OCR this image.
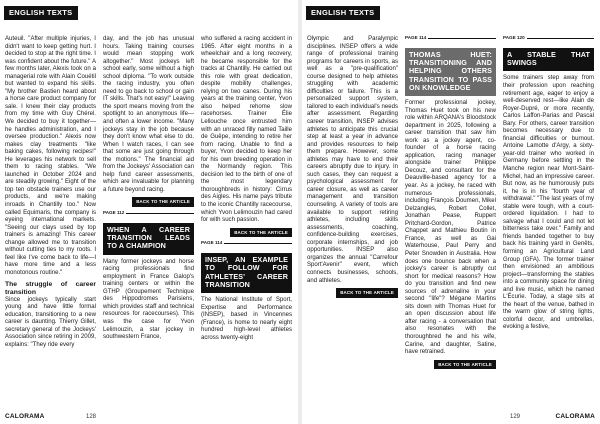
ENGLISH TEXTS

Auteuil. "After multiple injuries, I didn't want to keep getting hurt. I decided to stop at the right time. I was confident about the future." A few months later, Alexis took on a managerial role with Alain Couétil but wanted to expand his skills. "My brother Bastien heard about a horse care product company for sale. I knew their clay products from my time with Guy Chérel. We decided to buy it together—he handles administration, and I oversee production." Alexis now makes clay treatments "like baking cakes, following recipes!" He leverages his network to sell them to racing stables. "We launched in October 2024 and are steadily growing." Eight of the top ten obstacle trainers use our products, and we're making inroads in Chantilly too." Now called Equimaris, the company is eyeing international markets. "Seeing our clays used by top trainers is amazing! This career change allowed me to transition without cutting ties to my roots. I feel like I've come back to life—I have more time and a less monotonous routine."

The struggle of career transition

Since jockeys typically start young and have little formal education, transitioning to a new career is daunting. Thierry Gillet, secretary general of the Jockeys' Association since retiring in 2009, explains: "They ride every

day, and the job has unusual hours. Taking training courses would mean stopping work altogether." Most jockeys left school early, some without a high school diploma. "To work outside the racing industry, you often need to go back to school or gain IT skills. That's not easy!" Leaving the sport means moving from the spotlight to an anonymous life—and often a lower income. "Many jockeys stay in the job because they don't know what else to do. When I watch races, I can see that some are just going through the motions." The financial aid from the Jockeys' Association can help fund career assessments, which are invaluable for planning a future beyond racing.

BACK TO THE ARTICLE
PAGE 112
WHEN A CAREER TRANSITION LEADS TO A CHAMPION

Many former jockeys and horse racing professionals find employment in France Galop's training centers or within the GTHP (Groupement Technique des Hippodromes Parisiens, which provides staff and technical resources for racecourses). This was the case for Yvon Lelimouzin, a star jockey in southwestern France,

who suffered a racing accident in 1965. After eight months in a wheelchair and a long recovery, he became responsible for the tracks at Chantilly. He carried out this role with great dedication, despite mobility challenges, relying on two canes. During his years at the training center, Yvon also helped rehome slow racehorses. Trainer Élie Lellouche once entrusted him with an unraced filly named Taille de Guêpe, intending to retire her from racing. Unable to find a buyer, Yvon decided to keep her for his own breeding operation in the Normandy region. This decision led to the birth of one of the most legendary thoroughbreds in history: Cirrus des Aigles. His name pays tribute to the iconic Chantilly racecourse, which Yvon Lelimouzin had cared for with such passion.

BACK TO THE ARTICLE
PAGE 114
INSEP, AN EXAMPLE TO FOLLOW FOR ATHLETES' CAREER TRANSITION

The National Institute of Sport, Expertise and Performance (INSEP), based in Vincennes (France), is home to nearly eight hundred high-level athletes across twenty-eight

CALORAMA	128
ENGLISH TEXTS

Olympic and Paralympic disciplines. INSEP offers a wide range of professional training programs for careers in sports, as well as a "pre-qualification" course designed to help athletes struggling with academic difficulties or failure. This is a personalized support system, tailored to each individual's needs after assessment. Regarding career transition, INSEP advises athletes to anticipate this crucial step at least a year in advance and provides resources to help them prepare. However, some athletes may have to end their careers abruptly due to injury. In such cases, they can request a psychological assessment for career closure, as well as career management and transition counseling. A variety of tools are available to support retiring athletes, including skills assessments, coaching, confidence-building exercises, corporate internships, and job opportunities. INSEP also organizes the annual "Carrefour Sport'Avenir" event, which connects businesses, schools, and athletes.

BACK TO THE ARTICLE
PAGE 114
THOMAS HUET: TRANSITIONING AND HELPING OTHERS TRANSITION TO PASS ON KNOWLEDGE

Former professional jockey, Thomas Huet took on his new role within ARQANA's Bloodstock department in 2025, following a career transition that saw him work as a jockey agent, co-founder of a horse racing application, racing manager alongside trainer Philippe Decouz, and consultant for the Deauville-based agency for a year. As a jockey, he raced with numerous professionals, including François Doumen, Mikel Delzangles, Robert Collet, Jonathan Pease, Ruppert Pritchard-Gordon, Patrice Chappet and Mathieu Boutin in France, as well as Gai Waterhouse, Paul Perry and Peter Snowden in Australia. How does one bounce back when a jockey's career is abruptly cut short for medical reasons? How do you transition and find new sources of adrenaline in your second "life"? Mégane Martins sits down with Thomas Huet for an open discussion about life after racing - a conversation that also resonates with the thoroughbred he and his wife, Carine, and daughter, Satine, have retrained.

BACK TO THE ARTICLE
PAGE 120
A STABLE THAT SWINGS

Some trainers step away from their profession upon reaching retirement age, eager to enjoy a well-deserved rest—like Alain de Royer-Dupré, or more recently, Carlos Laffon-Parias and Pascal Bary. For others, career transition becomes necessary due to financial difficulties or burnout. Antoine Lamotte d'Argy, a sixty-year-old trainer who worked in Germany before settling in the Manche region near Mont-Saint-Michel, had an impressive career. But now, as he humorously puts it, he is in his "fourth year of withdrawal." "The last years of my stable were tough, with a court-ordered liquidation. I had to salvage what I could and not let bitterness take over." Family and friends banded together to buy back his training yard in Genêts, forming an Agricultural Land Group (GFA). The former trainer then envisioned an ambitious project—transforming the stables into a community space for dining and live music, which he named L'Écurie. Today, a stage sits at the heart of the venue, bathed in the warm glow of string lights, colorful decor, and umbrellas, evoking a festive,

129	CALORAMA
